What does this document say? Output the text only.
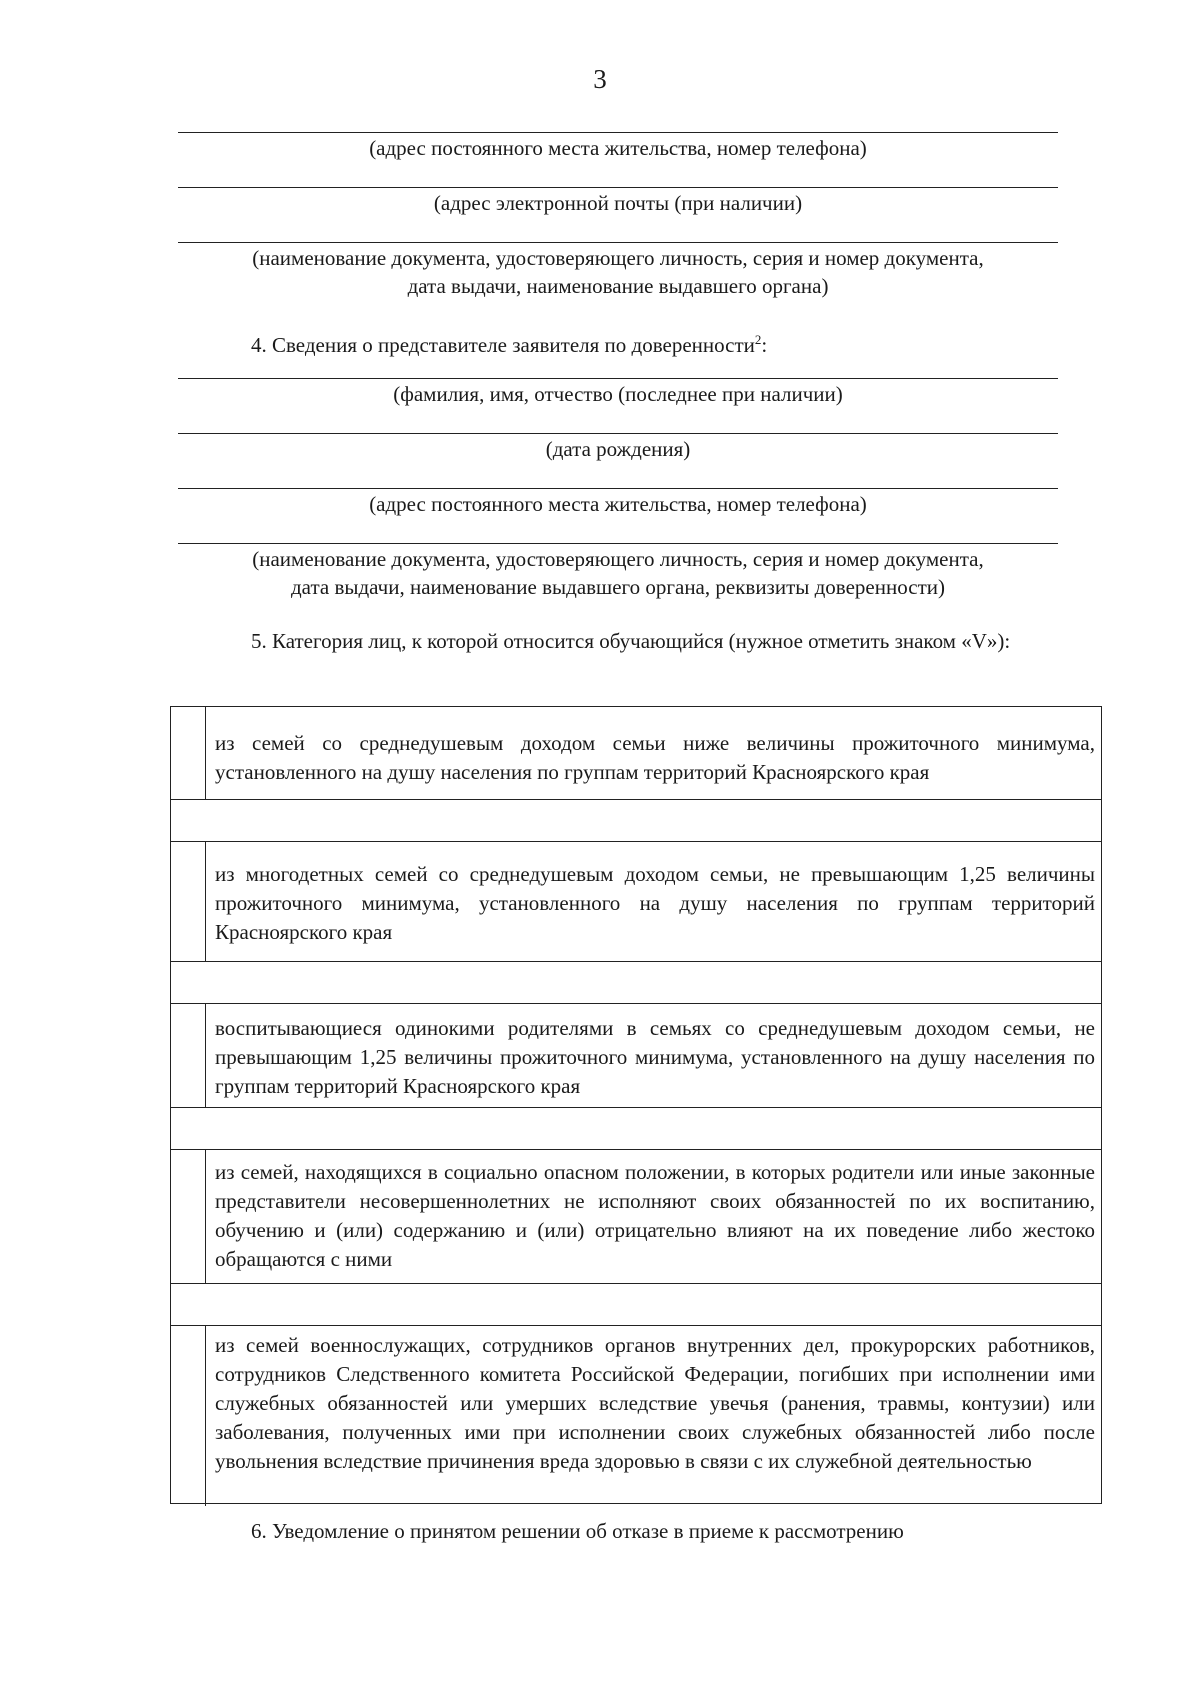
3
(адрес постоянного места жительства, номер телефона)
(адрес электронной почты (при наличии)
(наименование документа, удостоверяющего личность, серия и номер документа,
дата выдачи, наименование выдавшего органа)
4. Сведения о представителе заявителя по доверенности$^2$:
(фамилия, имя, отчество (последнее при наличии)
(дата рождения)
(адрес постоянного места жительства, номер телефона)
(наименование документа, удостоверяющего личность, серия и номер документа,
дата выдачи, наименование выдавшего органа, реквизиты доверенности)
5. Категория лиц, к которой относится обучающийся (нужное отметить знаком «V»):
из семей со среднедушевым доходом семьи ниже величины прожиточного минимума, установленного на душу населения по группам территорий Красноярского края
из многодетных семей со среднедушевым доходом семьи, не превышающим 1,25 величины прожиточного минимума, установленного на душу населения по группам территорий Красноярского края
воспитывающиеся одинокими родителями в семьях со среднедушевым доходом семьи, не превышающим 1,25 величины прожиточного минимума, установленного на душу населения по группам территорий Красноярского края
из семей, находящихся в социально опасном положении, в которых родители или иные законные представители несовершеннолетних не исполняют своих обязанностей по их воспитанию, обучению и (или) содержанию и (или) отрицательно влияют на их поведение либо жестоко обращаются с ними
из семей военнослужащих, сотрудников органов внутренних дел, прокурорских работников, сотрудников Следственного комитета Российской Федерации, погибших при исполнении ими служебных обязанностей или умерших вследствие увечья (ранения, травмы, контузии) или заболевания, полученных ими при исполнении своих служебных обязанностей либо после увольнения вследствие причинения вреда здоровью в связи с их служебной деятельностью
6. Уведомление о принятом решении об отказе в приеме к рассмотрению
